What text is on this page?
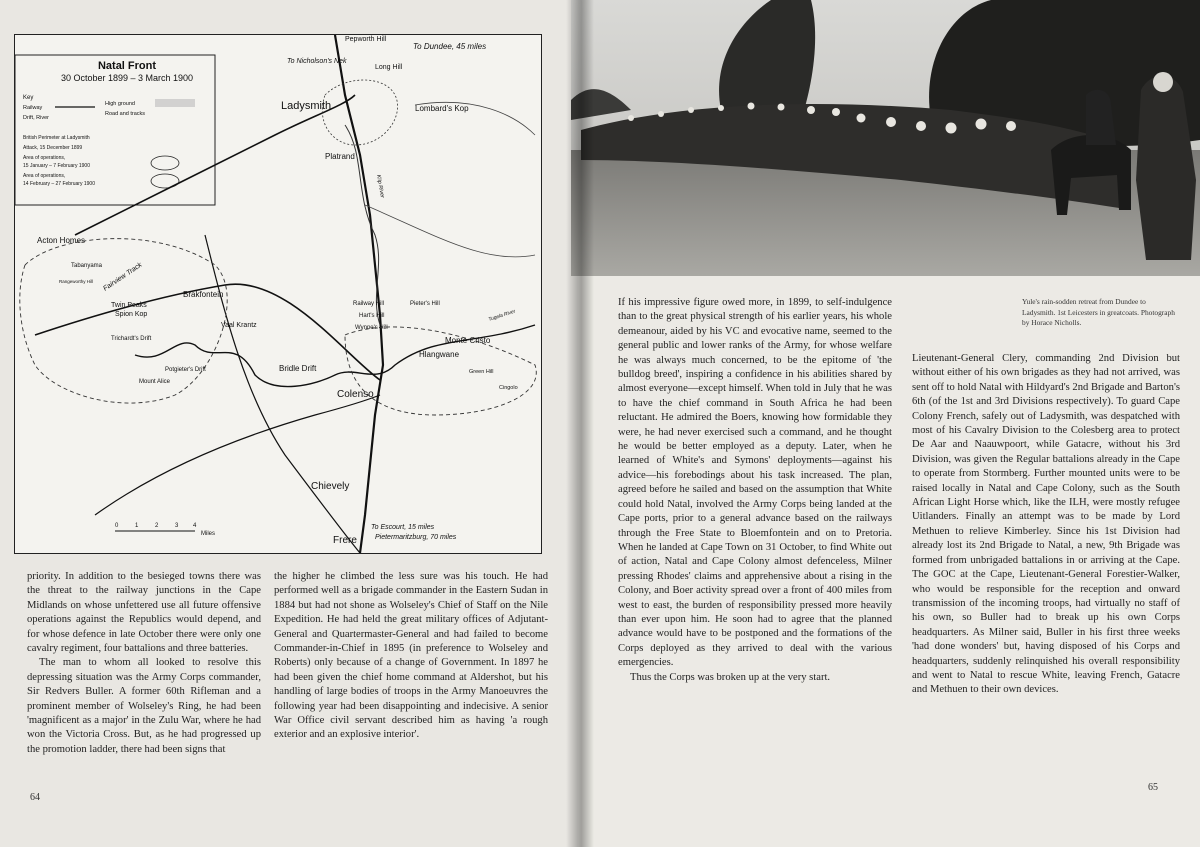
Natal Front
30 October 1899 – 3 March 1900
Key
Railway
High ground
Drift, River
Road and tracks
British Perimeter at Ladysmith
Attack, 15 December 1899
Area of operations,
15 January – 7 February 1900
Area of operations,
14 February – 27 February 1900
Pepworth Hill
To Dundee, 45 miles
To Nicholson's Nek
Long Hill
Ladysmith	Lombard's Kop
Platrand
Klip River
Acton Homes
Tabanyama Fairview Track
Rangeworthy Hill
Brakfontein
Twin Peaks
Spion Kop
Vaal Krantz
Trichardt's Drift
Potgieter's Drift
Mount Alice
Railway Hill	Pieter's Hill
Hart's Hill
Wynne's Hill
Tugela River
Monte Cristo
Hlangwane
Green Hill
Cingolo
Bridle Drift
Colenso
Chievely
Frere
To Escourt, 15 miles
Pietermaritzburg, 70 miles
0	1	2	3 4
Miles

priority. In addition to the besieged towns there was the threat to the railway junctions in the Cape Midlands on whose unfettered use all future offensive operations against the Republics would depend, and for whose defence in late October there were only one cavalry regiment, four battalions and three batteries.

The man to whom all looked to resolve this depressing situation was the Army Corps commander, Sir Redvers Buller. A former 60th Rifleman and a prominent member of Wolseley's Ring, he had been 'magnificent as a major' in the Zulu War, where he had won the Victoria Cross. But, as he had progressed up the promotion ladder, there had been signs that

the higher he climbed the less sure was his touch. He had performed well as a brigade commander in the Eastern Sudan in 1884 but had not shone as Wolseley's Chief of Staff on the Nile Expedition. He had held the great military offices of Adjutant-General and Quartermaster-General and had failed to become Commander-in-Chief in 1895 (in preference to Wolseley and Roberts) only because of a change of Government. In 1897 he had been given the chief home command at Aldershot, but his handling of large bodies of troops in the Army Manoeuvres the following year had been disappointing and indecisive. A senior War Office civil servant described him as having 'a rough exterior and an explosive interior'.

64

If his impressive figure owed more, in 1899, to self-indulgence than to the great physical strength of his earlier years, his whole demeanour, aided by his VC and evocative name, seemed to the general public and lower ranks of the Army, for whose welfare he was always much concerned, to be the epitome of 'the bulldog breed', inspiring a confidence in his abilities shared by almost everyone—except himself. When told in July that he was to have the chief command in South Africa he had been reluctant. He admired the Boers, knowing how formidable they were, he had never exercised such a command, and he thought he would be better employed as a deputy. Later, when he learned of White's and Symons' deployments—against his advice—his forebodings about his task increased. The plan, agreed before he sailed and based on the assumption that White could hold Natal, involved the Army Corps being landed at the Cape ports, prior to a general advance based on the railways through the Free State to Bloemfontein and on to Pretoria. When he landed at Cape Town on 31 October, to find White out of action, Natal and Cape Colony almost defenceless, Milner pressing Rhodes' claims and apprehensive about a rising in the Colony, and Boer activity spread over a front of 400 miles from west to east, the burden of responsibility pressed more heavily than ever upon him. He soon had to agree that the planned advance would have to be postponed and the formations of the Corps deployed as they arrived to deal with the various emergencies.

Thus the Corps was broken up at the very start.

Lieutenant-General Clery, commanding 2nd Division but without either of his own brigades as they had not arrived, was sent off to hold Natal with Hildyard's 2nd Brigade and Barton's 6th (of the 1st and 3rd Divisions respectively). To guard Cape Colony French, safely out of Ladysmith, was despatched with most of his Cavalry Division to the Colesberg area to protect De Aar and Naauwpoort, while Gatacre, without his 3rd Division, was given the Regular battalions already in the Cape to operate from Stormberg. Further mounted units were to be raised locally in Natal and Cape Colony, such as the South African Light Horse which, like the ILH, were mostly refugee Uitlanders. Finally an attempt was to be made by Lord Methuen to relieve Kimberley. Since his 1st Division had already lost its 2nd Brigade to Natal, a new, 9th Brigade was formed from unbrigaded battalions in or arriving at the Cape. The GOC at the Cape, Lieutenant-General Forestier-Walker, who would be responsible for the reception and onward transmission of the incoming troops, had virtually no staff of his own, so Buller had to break up his own Corps headquarters. As Milner said, Buller in his first three weeks 'had done wonders' but, having disposed of his Corps and headquarters, suddenly relinquished his overall responsibility and went to Natal to rescue White, leaving French, Gatacre and Methuen to their own devices.

65
Yule's rain-sodden retreat from Dundee to Ladysmith. 1st Leicesters in greatcoats. Photograph by Horace Nicholls.
